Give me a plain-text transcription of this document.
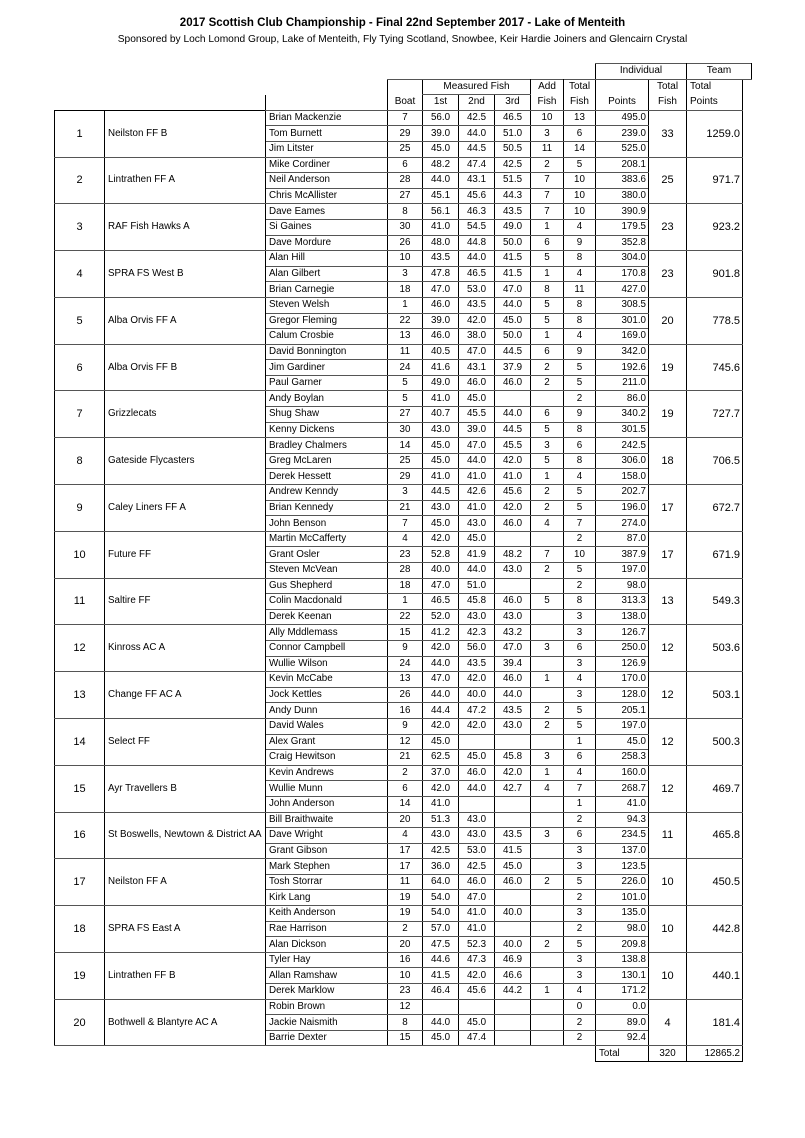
2017 Scottish Club Championship - Final 22nd September 2017 - Lake of Menteith
Sponsored by Loch Lomond Group, Lake of Menteith, Fly Tying Scotland, Snowbee, Keir Hardie Joiners and Glencairn Crystal
									Individual		Team
				Measured Fish			Add	Total		Total	Total
			Boat	1st	2nd	3rd	Fish	Fish	Points	Fish	Points
1	Neilston FF B	Brian Mackenzie	7	56.0	42.5	46.5	10	13	495.0	33	1259.0
		Tom Burnett	29	39.0	44.0	51.0	3	6	239.0		
		Jim Litster	25	45.0	44.5	50.5	11	14	525.0		
2	Lintrathen FF A	Mike Cordiner	6	48.2	47.4	42.5	2	5	208.1	25	971.7
		Neil Anderson	28	44.0	43.1	51.5	7	10	383.6		
		Chris McAllister	27	45.1	45.6	44.3	7	10	380.0		
3	RAF Fish Hawks A	Dave Eames	8	56.1	46.3	43.5	7	10	390.9	23	923.2
		Si Gaines	30	41.0	54.5	49.0	1	4	179.5		
		Dave Mordure	26	48.0	44.8	50.0	6	9	352.8		
4	SPRA FS West B	Alan Hill	10	43.5	44.0	41.5	5	8	304.0	23	901.8
		Alan Gilbert	3	47.8	46.5	41.5	1	4	170.8		
		Brian Carnegie	18	47.0	53.0	47.0	8	11	427.0		
5	Alba Orvis FF A	Steven Welsh	1	46.0	43.5	44.0	5	8	308.5	20	778.5
		Gregor Fleming	22	39.0	42.0	45.0	5	8	301.0		
		Calum Crosbie	13	46.0	38.0	50.0	1	4	169.0		
6	Alba Orvis FF B	David Bonnington	11	40.5	47.0	44.5	6	9	342.0	19	745.6
		Jim Gardiner	24	41.6	43.1	37.9	2	5	192.6		
		Paul Garner	5	49.0	46.0	46.0	2	5	211.0		
7	Grizzlecats	Andy Boylan	5	41.0	45.0			2	86.0	19	727.7
		Shug Shaw	27	40.7	45.5	44.0	6	9	340.2		
		Kenny Dickens	30	43.0	39.0	44.5	5	8	301.5		
8	Gateside Flycasters	Bradley Chalmers	14	45.0	47.0	45.5	3	6	242.5	18	706.5
		Greg McLaren	25	45.0	44.0	42.0	5	8	306.0		
		Derek Hessett	29	41.0	41.0	41.0	1	4	158.0		
9	Caley Liners FF A	Andrew Kenndy	3	44.5	42.6	45.6	2	5	202.7	17	672.7
		Brian Kennedy	21	43.0	41.0	42.0	2	5	196.0		
		John Benson	7	45.0	43.0	46.0	4	7	274.0		
10	Future FF	Martin McCafferty	4	42.0	45.0			2	87.0	17	671.9
		Grant Osler	23	52.8	41.9	48.2	7	10	387.9		
		Steven McVean	28	40.0	44.0	43.0	2	5	197.0		
11	Saltire FF	Gus Shepherd	18	47.0	51.0			2	98.0	13	549.3
		Colin Macdonald	1	46.5	45.8	46.0	5	8	313.3		
		Derek Keenan	22	52.0	43.0	43.0		3	138.0		
12	Kinross AC A	Ally Mddlemass	15	41.2	42.3	43.2		3	126.7	12	503.6
		Connor Campbell	9	42.0	56.0	47.0	3	6	250.0		
		Wullie Wilson	24	44.0	43.5	39.4		3	126.9		
13	Change FF AC A	Kevin McCabe	13	47.0	42.0	46.0	1	4	170.0	12	503.1
		Jock Kettles	26	44.0	40.0	44.0		3	128.0		
		Andy Dunn	16	44.4	47.2	43.5	2	5	205.1		
14	Select FF	David Wales	9	42.0	42.0	43.0	2	5	197.0	12	500.3
		Alex Grant	12	45.0				1	45.0		
		Craig Hewitson	21	62.5	45.0	45.8	3	6	258.3		
15	Ayr Travellers B	Kevin Andrews	2	37.0	46.0	42.0	1	4	160.0	12	469.7
		Wullie Munn	6	42.0	44.0	42.7	4	7	268.7		
		John Anderson	14	41.0				1	41.0		
16	St Boswells, Newtown & District AA	Bill Braithwaite	20	51.3	43.0			2	94.3	11	465.8
		Dave Wright	4	43.0	43.0	43.5	3	6	234.5		
		Grant Gibson	17	42.5	53.0	41.5		3	137.0		
17	Neilston FF A	Mark Stephen	17	36.0	42.5	45.0		3	123.5	10	450.5
		Tosh Storrar	11	64.0	46.0	46.0	2	5	226.0		
		Kirk Lang	19	54.0	47.0			2	101.0		
18	SPRA FS East A	Keith Anderson	19	54.0	41.0	40.0		3	135.0	10	442.8
		Rae Harrison	2	57.0	41.0			2	98.0		
		Alan Dickson	20	47.5	52.3	40.0	2	5	209.8		
19	Lintrathen FF B	Tyler Hay	16	44.6	47.3	46.9		3	138.8	10	440.1
		Allan Ramshaw	10	41.5	42.0	46.6		3	130.1		
		Derek Marklow	23	46.4	45.6	44.2	1	4	171.2		
20	Bothwell & Blantyre AC A	Robin Brown	12					0	0.0	4	181.4
		Jackie Naismith	8	44.0	45.0			2	89.0		
		Barrie Dexter	15	45.0	47.4			2	92.4		
									Total	320	12865.2
